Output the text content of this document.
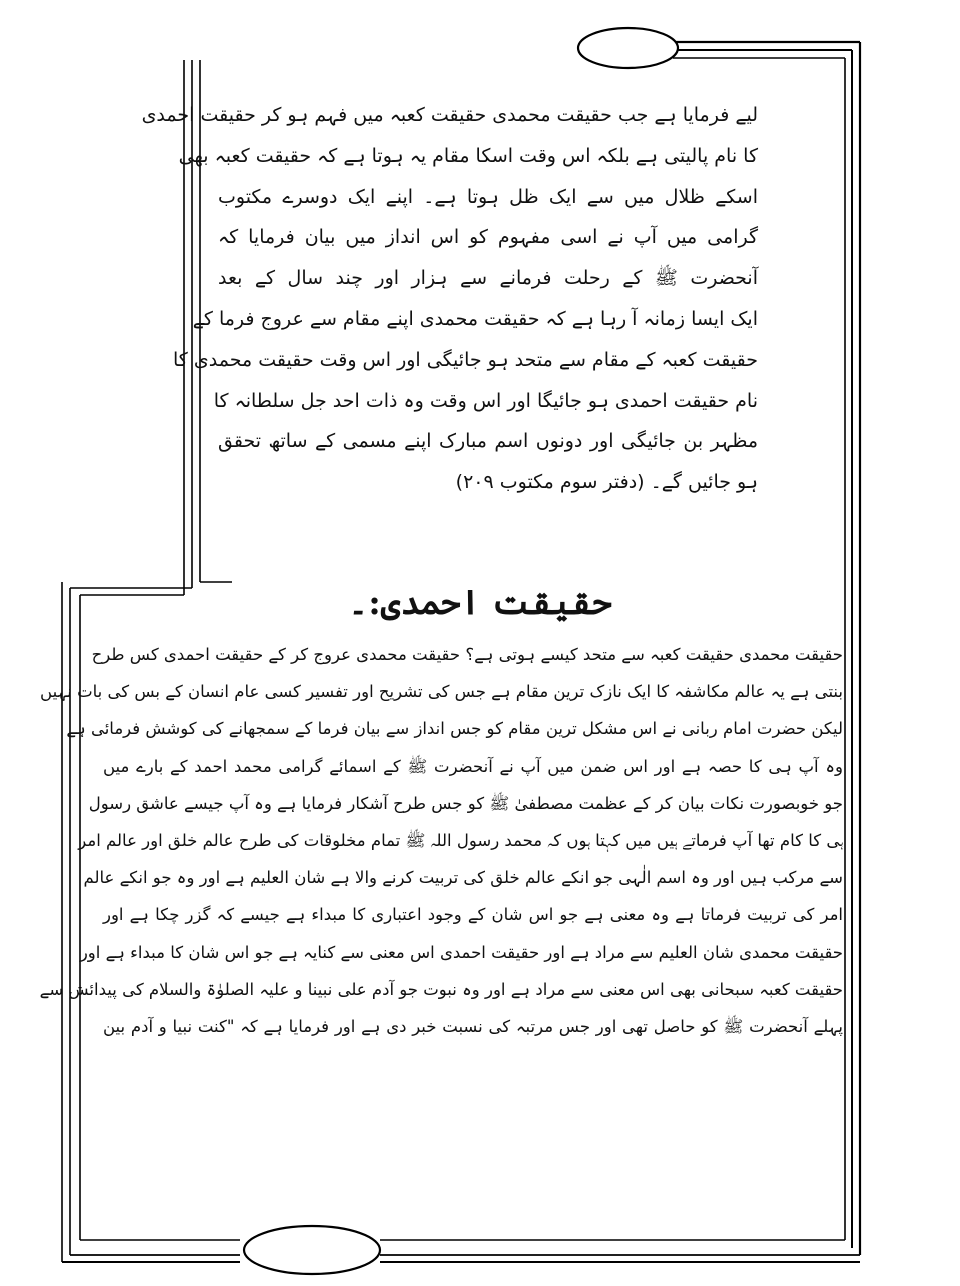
لیے فرمایا ہے جب حقیقت محمدی حقیقت کعبہ میں فہم ہو کر حقیقت احمدی
کا نام پالیتی ہے بلکہ اس وقت اسکا مقام یہ ہوتا ہے کہ حقیقت کعبہ بھی
اسکے ظلال میں سے ایک ظل ہوتا ہے۔ اپنے ایک دوسرے مکتوب
گرامی میں آپ نے اسی مفہوم کو اس انداز میں بیان فرمایا کہ
آنحضرت ﷺ کے رحلت فرمانے سے ہزار اور چند سال کے بعد
ایک ایسا زمانہ آ رہا ہے کہ حقیقت محمدی اپنے مقام سے عروج فرما کے
حقیقت کعبہ کے مقام سے متحد ہو جائیگی اور اس وقت حقیقت محمدی کا
نام حقیقت احمدی ہو جائیگا اور اس وقت وہ ذات احد جل سلطانہ کا
مظہر بن جائیگی اور دونوں اسم مبارک اپنے مسمی کے ساتھ تحقق
ہو جائیں گے۔ (دفتر سوم مکتوب ۲۰۹)
حقیقت احمدی:۔
حقیقت محمدی حقیقت کعبہ سے متحد کیسے ہوتی ہے؟ حقیقت محمدی عروج کر کے حقیقت احمدی کس طرح
بنتی ہے یہ عالم مکاشفہ کا ایک نازک ترین مقام ہے جس کی تشریح اور تفسیر کسی عام انسان کے بس کی بات نہیں
لیکن حضرت امام ربانی نے اس مشکل ترین مقام کو جس انداز سے بیان فرما کے سمجھانے کی کوشش فرمائی ہے
وہ آپ ہی کا حصہ ہے اور اس ضمن میں آپ نے آنحضرت ﷺ کے اسمائے گرامی محمد احمد کے بارے میں
جو خوبصورت نکات بیان کر کے عظمت مصطفیٰ ﷺ کو جس طرح آشکار فرمایا ہے وہ آپ جیسے عاشق رسول
ہی کا کام تھا آپ فرماتے ہیں میں کہتا ہوں کہ محمد رسول اللہ ﷺ تمام مخلوقات کی طرح عالم خلق اور عالم امر
سے مرکب ہیں اور وہ اسم الٰہی جو انکے عالم خلق کی تربیت کرنے والا ہے شان العلیم ہے اور وہ جو انکے عالم
امر کی تربیت فرماتا ہے وہ معنی ہے جو اس شان کے وجود اعتباری کا مبداء ہے جیسے کہ گزر چکا ہے اور
حقیقت محمدی شان العلیم سے مراد ہے اور حقیقت احمدی اس معنی سے کنایہ ہے جو اس شان کا مبداء ہے اور
حقیقت کعبہ سبحانی بھی اس معنی سے مراد ہے اور وہ نبوت جو آدم علی نبینا و علیہ الصلوٰۃ والسلام کی پیدائش سے
پہلے آنحضرت ﷺ کو حاصل تھی اور جس مرتبہ کی نسبت خبر دی ہے اور فرمایا ہے کہ "کنت نبیا و آدم بین
